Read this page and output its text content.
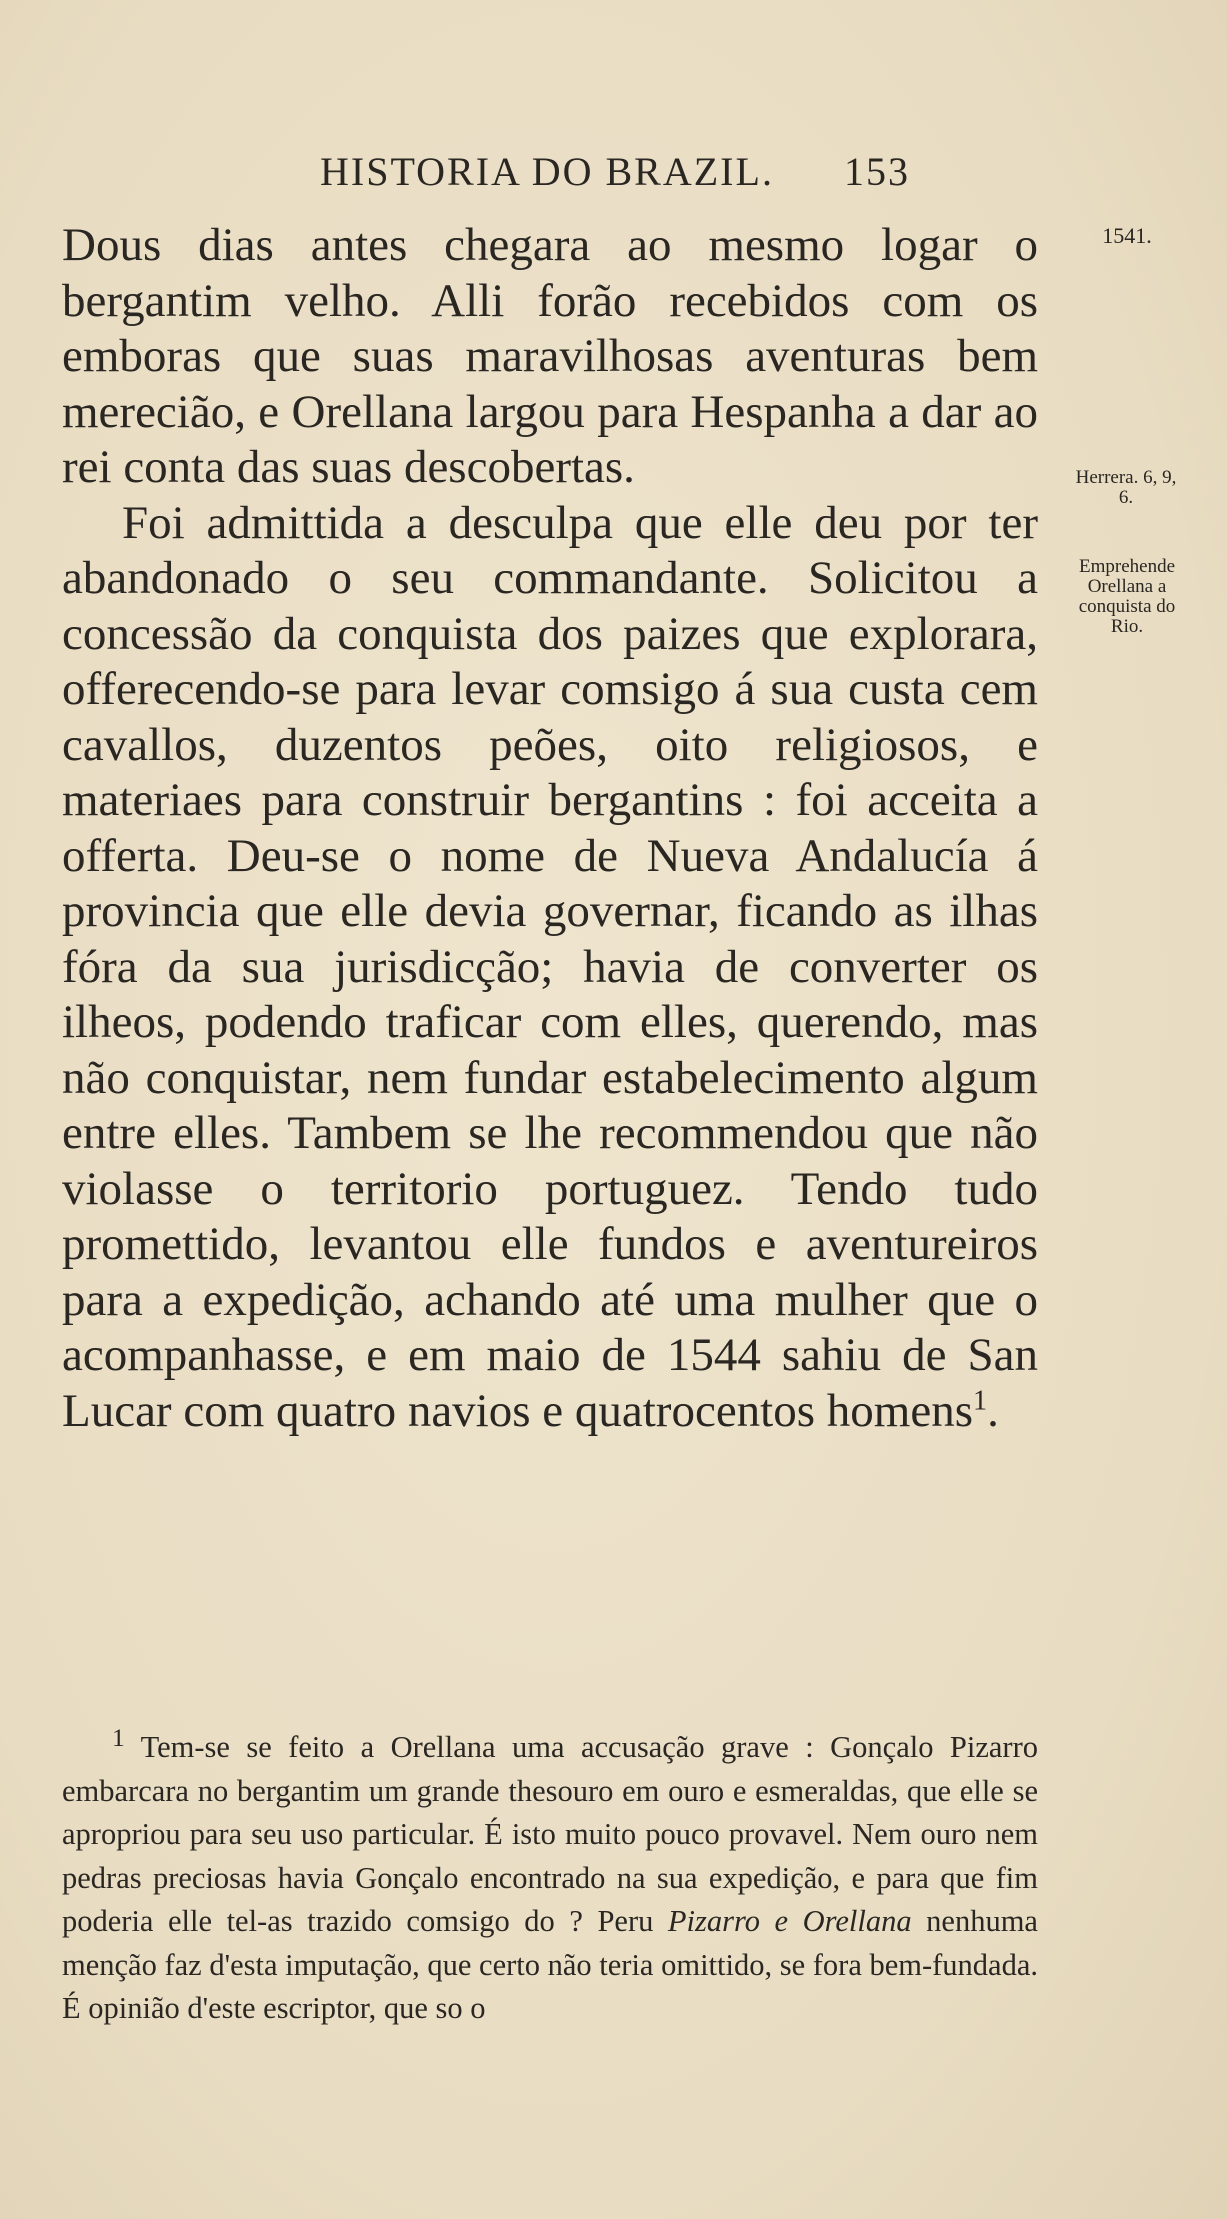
HISTORIA DO BRAZIL. 153
1541.
Herrera. 6, 9, 6.
Emprehende Orellana a conquista do Rio.

Dous dias antes chegara ao mesmo logar o bergantim velho. Alli forão recebidos com os emboras que suas maravilhosas aventuras bem merecião, e Orellana largou para Hespanha a dar ao rei conta das suas descobertas.

Foi admittida a desculpa que elle deu por ter abandonado o seu commandante. Solicitou a concessão da conquista dos paizes que explorara, offerecendo-se para levar comsigo á sua custa cem cavallos, duzentos peões, oito religiosos, e materiaes para construir bergantins : foi acceita a offerta. Deu-se o nome de Nueva Andalucía á provincia que elle devia governar, ficando as ilhas fóra da sua jurisdicção; havia de converter os ilheos, podendo traficar com elles, querendo, mas não conquistar, nem fundar estabelecimento algum entre elles. Tambem se lhe recommendou que não violasse o territorio portuguez. Tendo tudo promettido, levantou elle fundos e aventureiros para a expedição, achando até uma mulher que o acompanhasse, e em maio de 1544 sahiu de San Lucar com quatro navios e quatrocentos homens$^1$.

$^1$ Tem-se se feito a Orellana uma accusação grave : Gonçalo Pizarro embarcara no bergantim um grande thesouro em ouro e esmeraldas, que elle se apropriou para seu uso particular. É isto muito pouco provavel. Nem ouro nem pedras preciosas havia Gonçalo encontrado na sua expedição, e para que fim poderia elle tel-as trazido comsigo do ? Peru Pizarro e Orellana nenhuma menção faz d'esta imputação, que certo não teria omittido, se fora bem-fundada. É opinião d'este escriptor, que so o
